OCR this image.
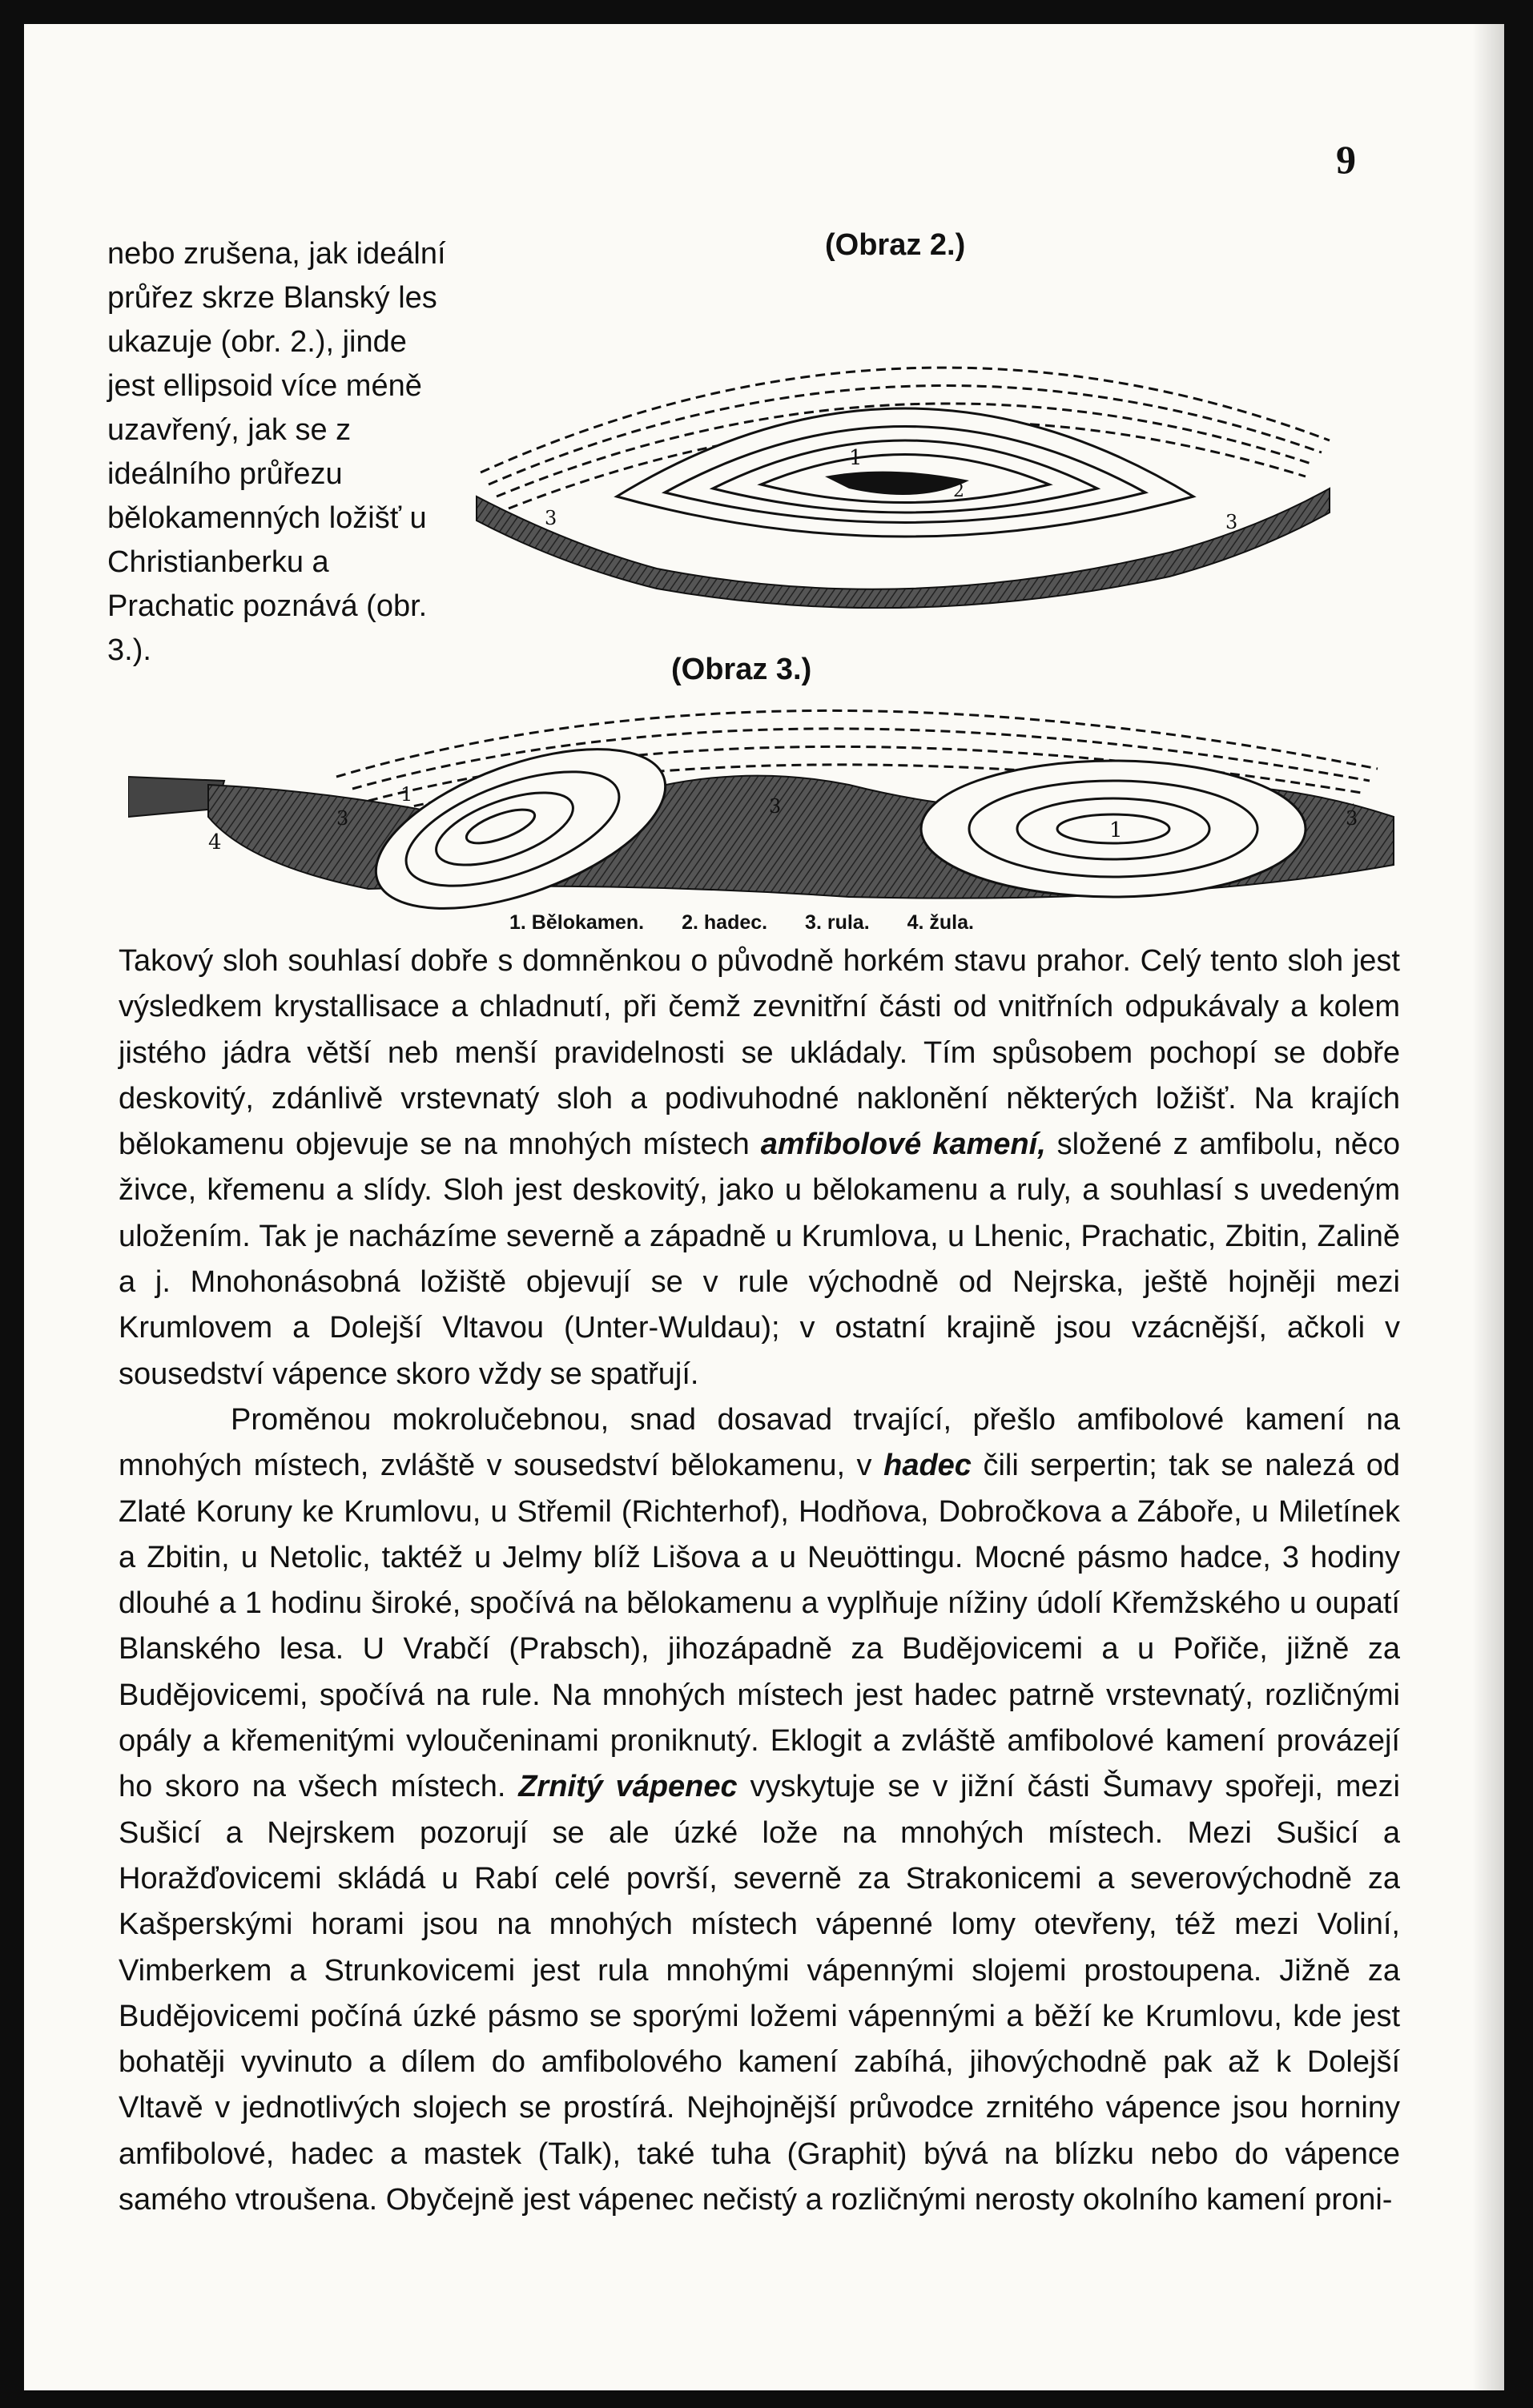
9

nebo zrušena, jak ideální průřez skrze Blanský les ukazuje (obr. 2.), jinde jest ellipsoid více méně uzavřený, jak se z ideálního průřezu bělokamenných ložišť u Christianberku a Prachatic poznává (obr. 3.).

(Obraz 2.)
1
2
3	3
(Obraz 3.)
1
1
3
3
3
4
1. Bělokamen. 2. hadec. 3. rula. 4. žula.

Takový sloh souhlasí dobře s domněnkou o původně horkém stavu prahor. Celý tento sloh jest výsledkem krystallisace a chladnutí, při čemž zevnitřní části od vnitřních odpukávaly a kolem jistého jádra větší neb menší pravidelnosti se ukládaly. Tím spůsobem pochopí se dobře deskovitý, zdánlivě vrstevnatý sloh a podivuhodné naklonění některých ložišť. Na krajích bělokamenu objevuje se na mnohých místech amfibolové kamení, složené z amfibolu, něco živce, křemenu a slídy. Sloh jest deskovitý, jako u bělokamenu a ruly, a souhlasí s uvedeným uložením. Tak je nacházíme severně a západně u Krumlova, u Lhenic, Prachatic, Zbitin, Zalině a j. Mnohonásobná ložiště objevují se v rule východně od Nejrska, ještě hojněji mezi Krumlovem a Dolejší Vltavou (Unter-Wuldau); v ostatní krajině jsou vzácnější, ačkoli v sousedství vápence skoro vždy se spatřují.

Proměnou mokrolučebnou, snad dosavad trvající, přešlo amfibolové kamení na mnohých místech, zvláště v sousedství bělokamenu, v hadec čili serpertin; tak se nalezá od Zlaté Koruny ke Krumlovu, u Střemil (Richterhof), Hodňova, Dobročkova a Záboře, u Miletínek a Zbitin, u Netolic, taktéž u Jelmy blíž Lišova a u Neuöttingu. Mocné pásmo hadce, 3 hodiny dlouhé a 1 hodinu široké, spočívá na bělokamenu a vyplňuje nížiny údolí Křemžského u oupatí Blanského lesa. U Vrabčí (Prabsch), jihozápadně za Budějovicemi a u Pořiče, jižně za Budějovicemi, spočívá na rule. Na mnohých místech jest hadec patrně vrstevnatý, rozličnými opály a křemenitými vyloučeninami proniknutý. Eklogit a zvláště amfibolové kamení provázejí ho skoro na všech místech. Zrnitý vápenec vyskytuje se v jižní části Šumavy spořeji, mezi Sušicí a Nejrskem pozorují se ale úzké lože na mnohých místech. Mezi Sušicí a Horažďovicemi skládá u Rabí celé površí, severně za Strakonicemi a severovýchodně za Kašperskými horami jsou na mnohých místech vápenné lomy otevřeny, též mezi Voliní, Vimberkem a Strunkovicemi jest rula mnohými vápennými slojemi prostoupena. Jižně za Budějovicemi počíná úzké pásmo se sporými ložemi vápennými a běží ke Krumlovu, kde jest bohatěji vyvinuto a dílem do amfibolového kamení zabíhá, jihovýchodně pak až k Dolejší Vltavě v jednotlivých slojech se prostírá. Nejhojnější průvodce zrnitého vápence jsou horniny amfibolové, hadec a mastek (Talk), také tuha (Graphit) bývá na blízku nebo do vápence samého vtroušena. Obyčejně jest vápenec nečistý a rozličnými nerosty okolního kamení proni-
